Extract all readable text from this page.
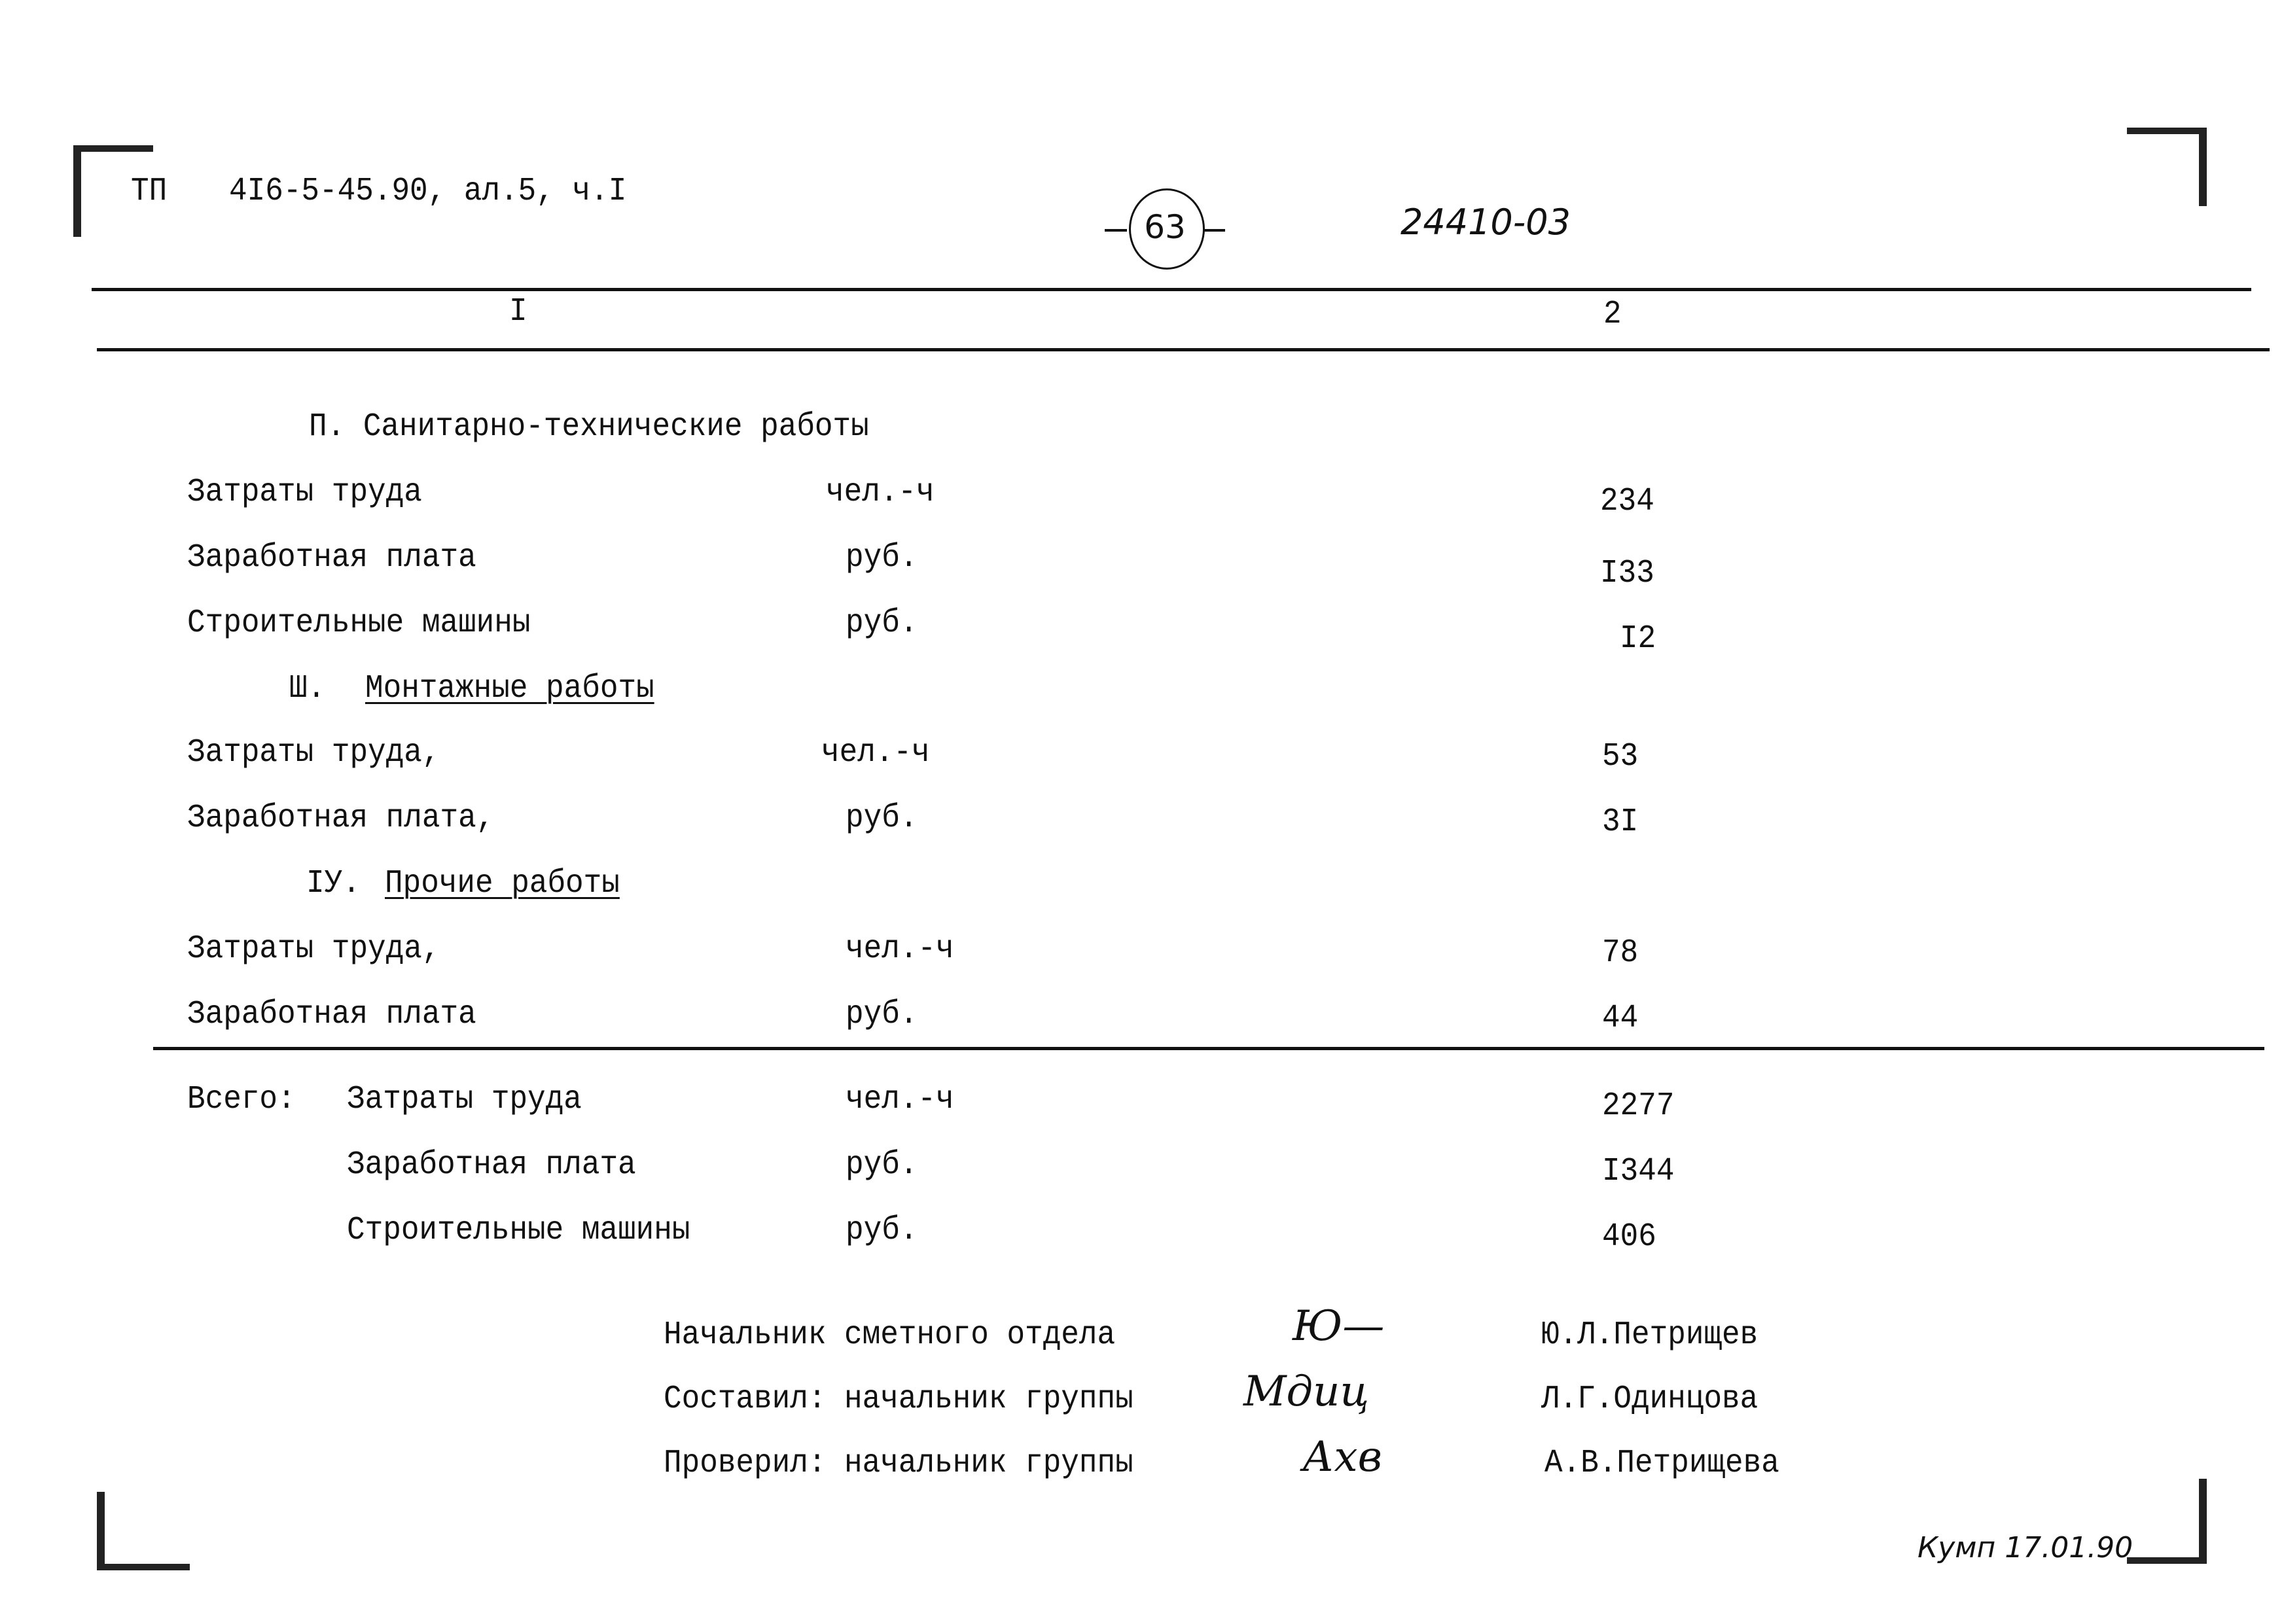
ТП 4I6-5-45.90, ал.5, ч.I
63	24410-03
I	2
П. Санитарно-технические работы
Затраты труда	чел.-ч	234
Заработная плата	руб.	I33
Строительные машины	руб.	I2
Ш. Монтажные работы
Затраты труда,	чел.-ч	53
Заработная плата,	руб.	3I
IУ. Прочие работы
Затраты труда,	чел.-ч	78
Заработная плата	руб.	44
Всего: Затраты труда	чел.-ч	2277
Заработная плата	руб.	I344
Строительные машины	руб.	406
Начальник сметного отдела	Ю—	Ю.Л.Петрищев
Составил: начальник группы	Мдиц	Л.Г.Одинцова
Проверил: начальник группы	Ахв	А.В.Петрищева
Кумп 17.01.90
